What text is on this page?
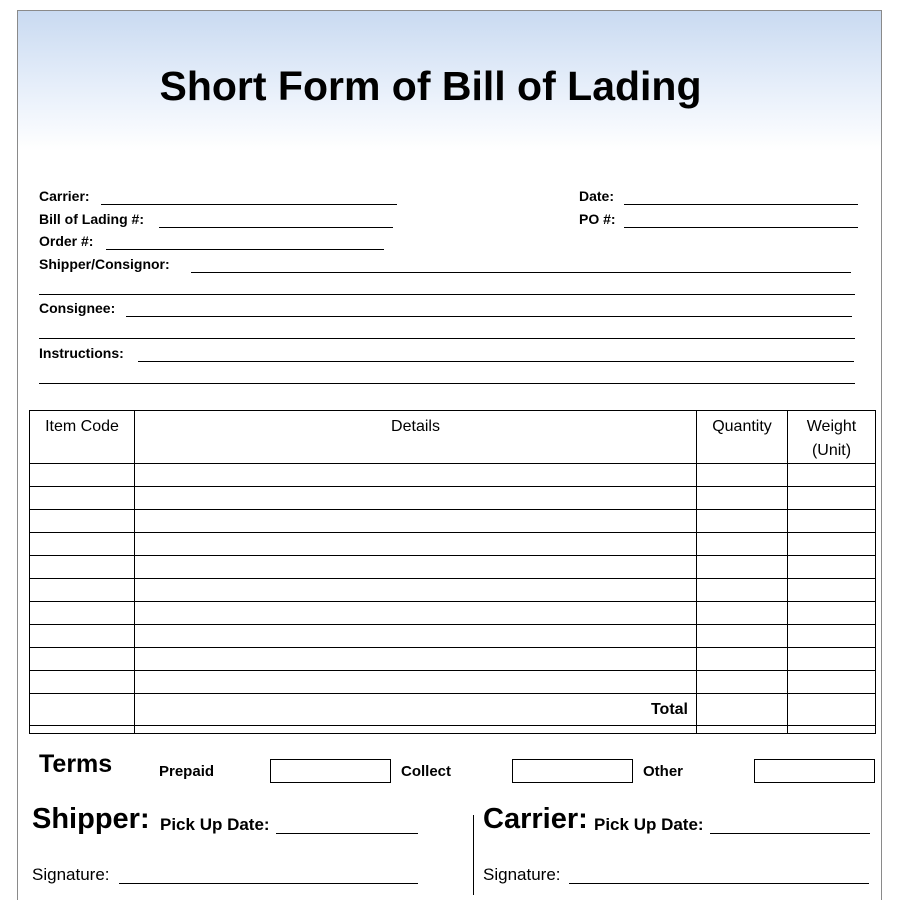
Short Form of Bill of Lading
Carrier:
Bill of Lading #:
Order #:
Date:
PO #:
Shipper/Consignor:
Consignee:
Instructions:
Item Code	Details	Quantity	Weight (Unit)

	Total		

Terms	Prepaid	Collect	Other
Shipper: Pick Up Date:
Signature:
Carrier: Pick Up Date:
Signature:
